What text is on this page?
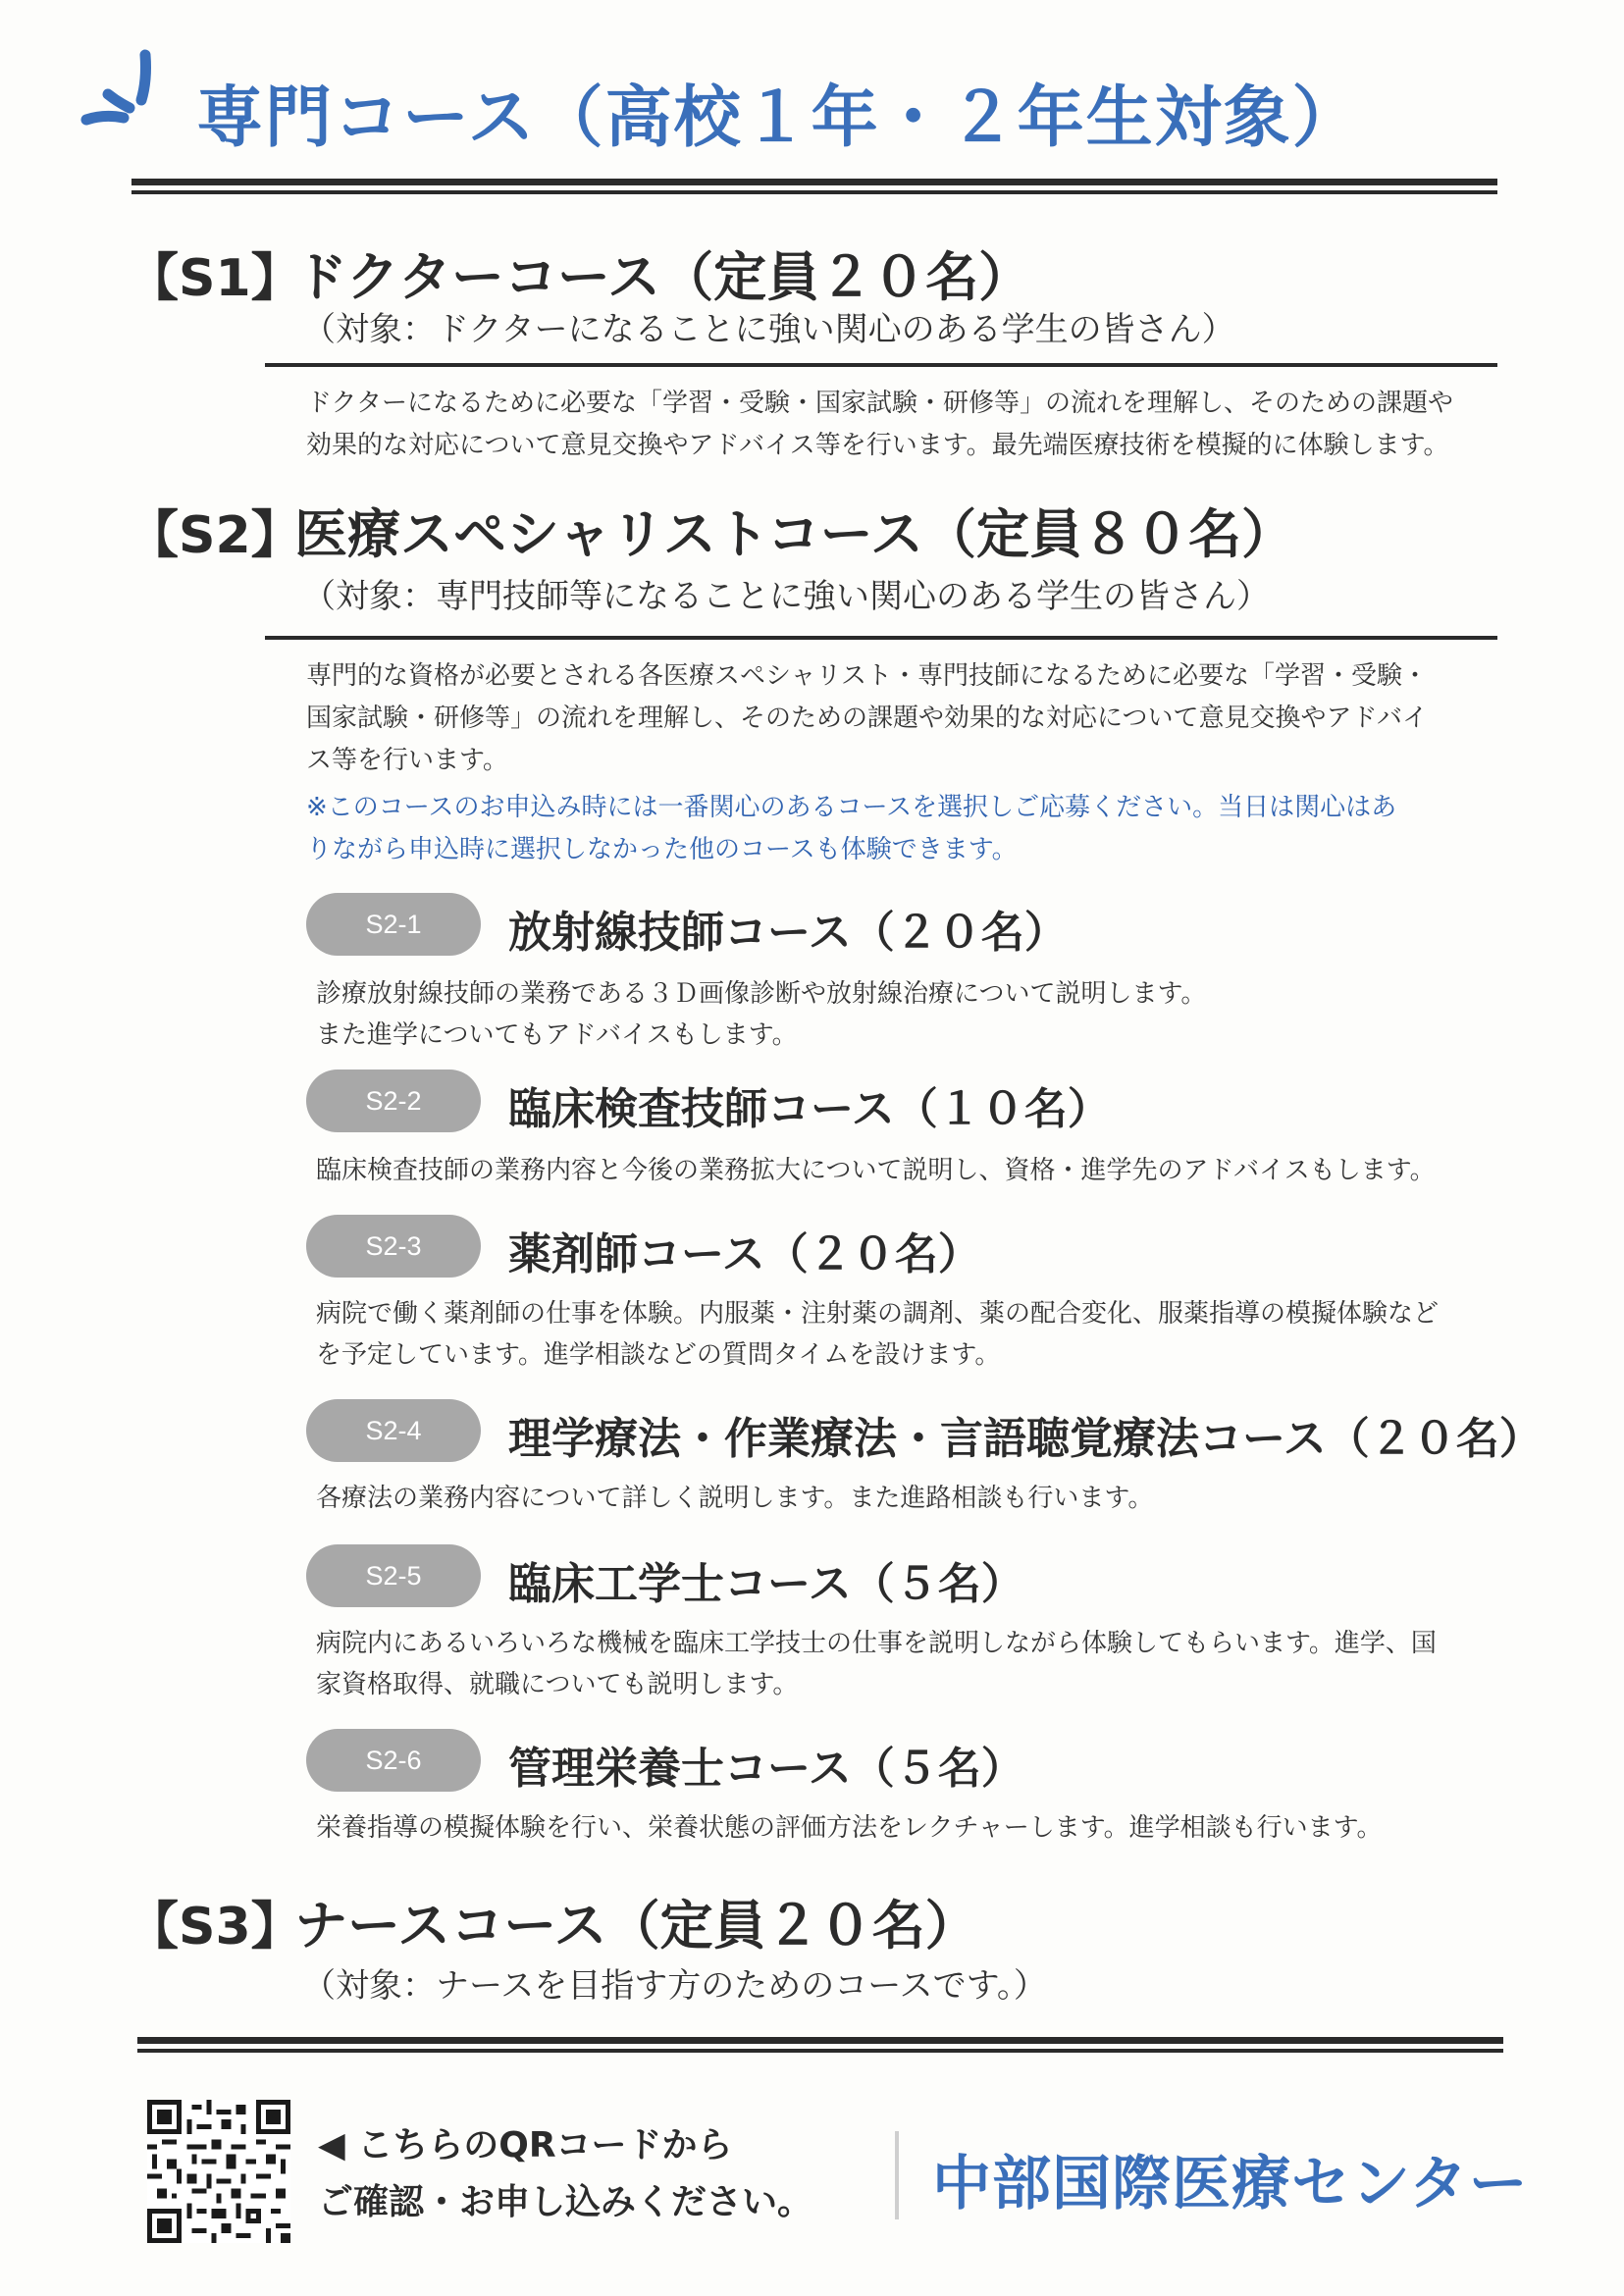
専門コース（高校１年・２年生対象）
【S1】ドクターコース（定員２０名）
（対象：ドクターになることに強い関心のある学生の皆さん）
ドクターになるために必要な「学習・受験・国家試験・研修等」の流れを理解し、そのための課題や
効果的な対応について意見交換やアドバイス等を行います。最先端医療技術を模擬的に体験します。
【S2】医療スペシャリストコース（定員８０名）
（対象：専門技師等になることに強い関心のある学生の皆さん）
専門的な資格が必要とされる各医療スペシャリスト・専門技師になるために必要な「学習・受験・
国家試験・研修等」の流れを理解し、そのための課題や効果的な対応について意見交換やアドバイ
ス等を行います。
※このコースのお申込み時には一番関心のあるコースを選択しご応募ください。当日は関心はあ
りながら申込時に選択しなかった他のコースも体験できます。
S2-1	放射線技師コース（２０名）
診療放射線技師の業務である３Ｄ画像診断や放射線治療について説明します。
また進学についてもアドバイスもします。
S2-2	臨床検査技師コース（１０名）
臨床検査技師の業務内容と今後の業務拡大について説明し、資格・進学先のアドバイスもします。
S2-3	薬剤師コース（２０名）
病院で働く薬剤師の仕事を体験。内服薬・注射薬の調剤、薬の配合変化、服薬指導の模擬体験など
を予定しています。進学相談などの質問タイムを設けます。
S2-4	理学療法・作業療法・言語聴覚療法コース（２０名）
各療法の業務内容について詳しく説明します。また進路相談も行います。
S2-5	臨床工学士コース（５名）
病院内にあるいろいろな機械を臨床工学技士の仕事を説明しながら体験してもらいます。進学、国
家資格取得、就職についても説明します。
S2-6	管理栄養士コース（５名）
栄養指導の模擬体験を行い、栄養状態の評価方法をレクチャーします。進学相談も行います。
【S3】ナースコース（定員２０名）
（対象：ナースを目指す方のためのコースです。）
◀ こちらのQRコードから
ご確認・お申し込みください。 中部国際医療センター
